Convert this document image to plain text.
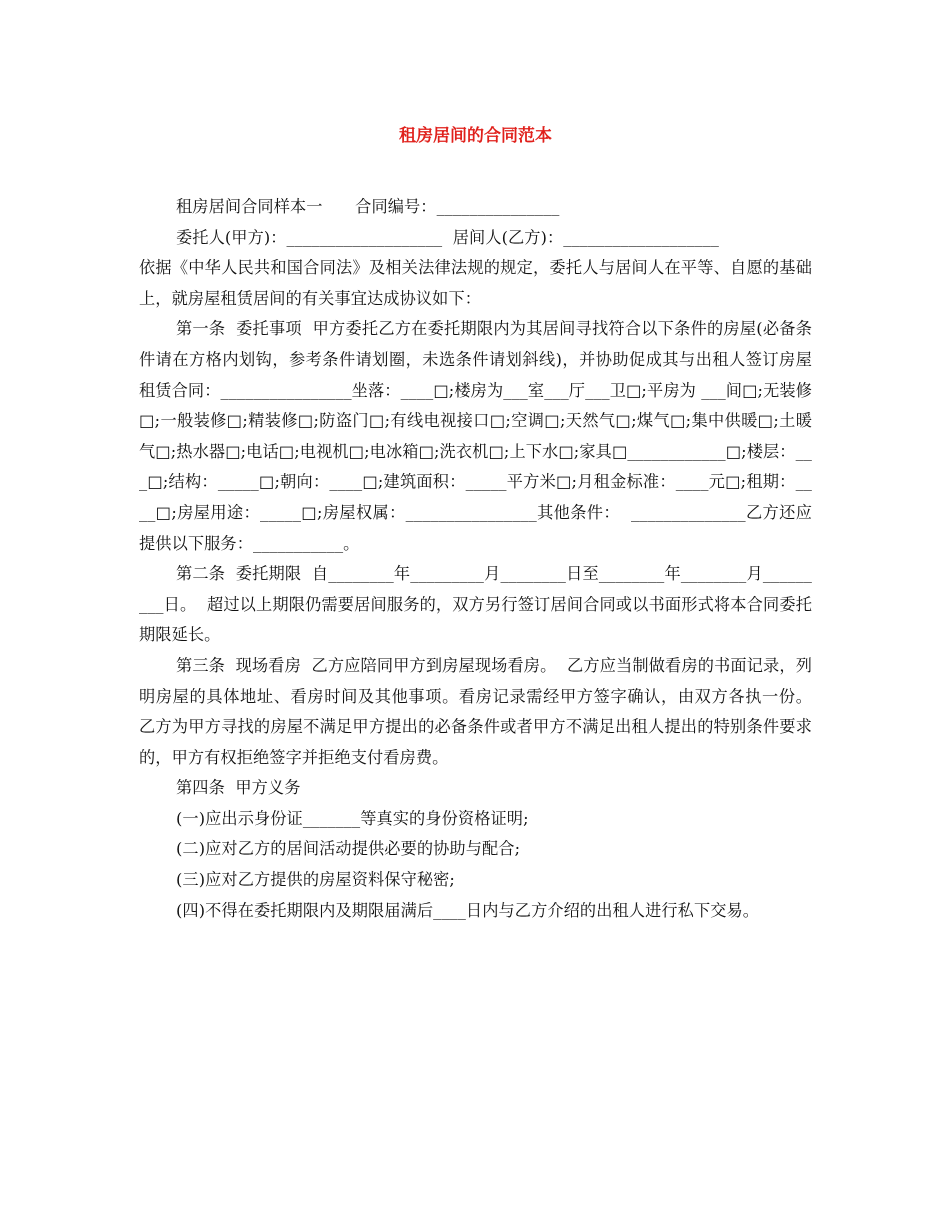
租房居间的合同范本

租房居间合同样本一　　合同编号：_______________

委托人(甲方)：___________________  居间人(乙方)：___________________

依据《中华人民共和国合同法》及相关法律法规的规定，委托人与居间人在平等、自愿的基础上，就房屋租赁居间的有关事宜达成协议如下：

第一条  委托事项  甲方委托乙方在委托期限内为其居间寻找符合以下条件的房屋(必备条件请在方格内划钩，参考条件请划圈，未选条件请划斜线)，并协助促成其与出租人签订房屋租赁合同：________________坐落：____□;楼房为___室___厅___卫□;平房为 ___间□;无装修□;一般装修□;精装修□;防盗门□;有线电视接口□;空调□;天然气□;煤气□;集中供暖□;土暖气□;热水器□;电话□;电视机□;电冰箱□;洗衣机□;上下水□;家具□____________□;楼层：___□;结构：_____□;朝向：____□;建筑面积：_____平方米□;月租金标准：____元□;租期：____□;房屋用途：_____□;房屋权属：________________其他条件：  ______________乙方还应提供以下服务：___________。

第二条  委托期限  自________年_________月________日至________年________月_________日。  超过以上期限仍需要居间服务的，双方另行签订居间合同或以书面形式将本合同委托期限延长。

第三条  现场看房  乙方应陪同甲方到房屋现场看房。  乙方应当制做看房的书面记录，列明房屋的具体地址、看房时间及其他事项。看房记录需经甲方签字确认，由双方各执一份。  乙方为甲方寻找的房屋不满足甲方提出的必备条件或者甲方不满足出租人提出的特别条件要求的，甲方有权拒绝签字并拒绝支付看房费。

第四条  甲方义务

(一)应出示身份证_______等真实的身份资格证明;

(二)应对乙方的居间活动提供必要的协助与配合;

(三)应对乙方提供的房屋资料保守秘密;

(四)不得在委托期限内及期限届满后____日内与乙方介绍的出租人进行私下交易。
